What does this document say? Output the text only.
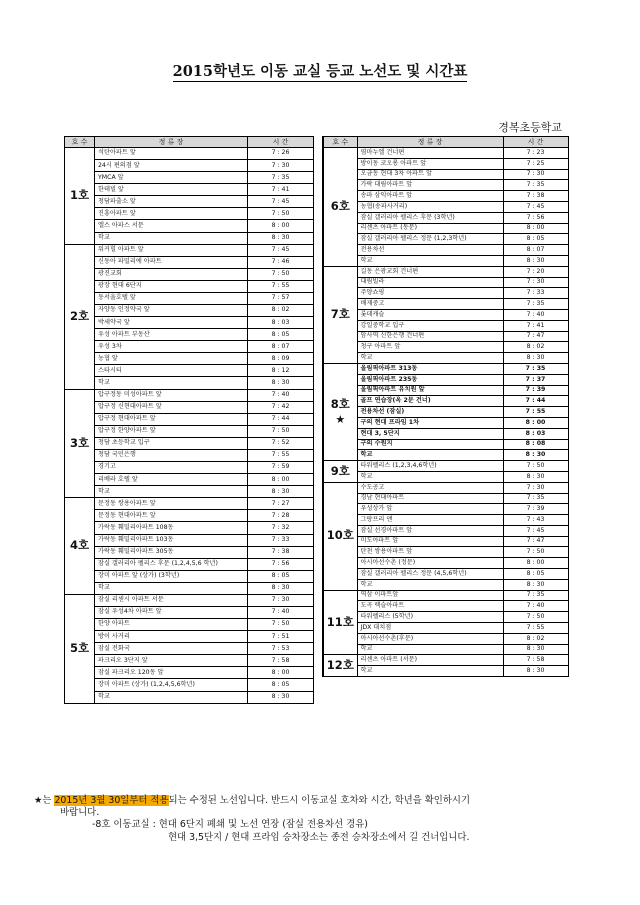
2015학년도 이동 교실 등교 노선도 및 시간표
경복초등학교
호 수	정 류 장	시 간
1호	석탄아파트 앞	7 : 26
	24시 편의점 앞	7 : 30
	YMCA 앞	7 : 35
	한테빌 앞	7 : 41
	청담파출소 앞	7 : 45
	진흥아파트 앞	7 : 50
	엘스 아파스 서문	8 : 00
	학교	8 : 30
2호	워커힐 아파트 앞	7 : 45
	신동아 파밀리에 아파트	7 : 46
	광진교회	7 : 50
	광장 현대 6단지	7 : 55
	동서울호텔 앞	7 : 57
	자양동 인정약국 앞	8 : 02
	박세약국 앞	8 : 03
	우성 아파트 부동산	8 : 05
	우성 3차	8 : 07
	농협 앞	8 : 09
	스타시티	8 : 12
	학교	8 : 30
3호	압구정동 미성아파트 앞	7 : 40
	압구정 신현대아파트 앞	7 : 42
	압구정 현대아파트 앞	7 : 44
	압구정 한양아파트 앞	7 : 50
	청담 초등학교 입구	7 : 52
	청담 국민은행	7 : 55
	경기고	7 : 59
	리베라 호텔 앞	8 : 00
	학교	8 : 30
4호	문정동 쌍용아파트 앞	7 : 27
	문정동 현대아파트 앞	7 : 28
	가락동 훼밀리아파트 108동	7 : 32
	가락동 훼밀리아파트 103동	7 : 33
	가락동 훼밀리아파트 305동	7 : 38
	잠실 갤러리아 펠리스 후문 (1,2,4,5,6 학년)	7 : 56
	장미 아파트 앞 (상가) (3학년)	8 : 05
	학교	8 : 30
5호	잠실 리센시 아파트 서문	7 : 30
	잠실 우성4차 아파트 앞	7 : 40
	한양 아파트	7 : 50
	방이 사거리	7 : 51
	잠실 전화국	7 : 53
	파크리오 3단지 앞	7 : 58
	잠실 파크리오 120동 앞	8 : 00
	장미 아파트 (상가) (1,2,4,5,6학년)	8 : 05
	학교	8 : 30
호 수	정 류 장	시 간
6호	염마누엘 건너편	7 : 23
	방이동 코오롱 아파트 앞	7 : 25
	오금동 현대 3차 아파트 앞	7 : 30
	가락 대림아파트 앞	7 : 35
	송파 삼익아파트 앞	7 : 38
	농협(송파사거리)	7 : 45
	잠실 갤러리아 펠리스 후문 (3학년)	7 : 56
	리센츠 아파트 (동문)	8 : 00
	잠실 갤러리아 펠리스 정문 (1,2,3학년)	8 : 05
	전용차선	8 : 07
	학교	8 : 30
7호	길동 은광교회 건너편	7 : 20
	대림빌라	7 : 30
	주양쇼핑	7 : 33
	배재중고	7 : 35
	롯데캐슬	7 : 40
	강일중학교 입구	7 : 41
	암사역 신한은행 건너편	7 : 47
	청구 아파트 앞	8 : 02
	학교	8 : 30
8호
★	올림픽아파트 313동	7 : 35
	올림픽아파트 235동	7 : 37
	올림픽아파트 유치원 앞	7 : 39
	골프 연습장(옥 2문 건너)	7 : 44
	전용차선 (잠실)	7 : 55
	구의 현대 프라임 1차	8 : 00
	현대 3, 5단지	8 : 03
	구의 수원지	8 : 08
	학교	8 : 30
9호	타워펠리스 (1,2,3,4,6학년)	7 : 50
	학교	8 : 30
10호	수도공고	7 : 30
	경남 현대아파트	7 : 35
	우성상가 앞	7 : 39
	그랑프리 앤	7 : 43
	잠실 선경아파트 앞	7 : 45
	미도아파트 앞	7 : 47
	탄천 쌍용아파트 앞	7 : 50
	아시아선수촌 (정문)	8 : 00
	잠실 갤러리아 펠리스 정문 (4,5,6학년)	8 : 05
	학교	8 : 30
11호	역삼 이파트앞	7 : 35
	도곡 렉슬아파트	7 : 40
	타워펠리스 (5학년)	7 : 50
	JDX 대치점	7 : 55
	아시아선수촌(후문)	8 : 02
	학교	8 : 30
12호	리센츠 아파트 (서문)	7 : 58
	학교	8 : 30
★는 2015년 3월 30일부터 적용되는 수정된 노선입니다. 반드시 이동교실 호차와 시간, 학년을 확인하시기
바랍니다.
-8호 이동교실 : 현대 6단지 폐쇄 및 노선 연장 (잠실 전용차선 경유)
현대 3,5단지 / 현대 프라임 승차장소는 종전 승차장소에서 길 건너입니다.
